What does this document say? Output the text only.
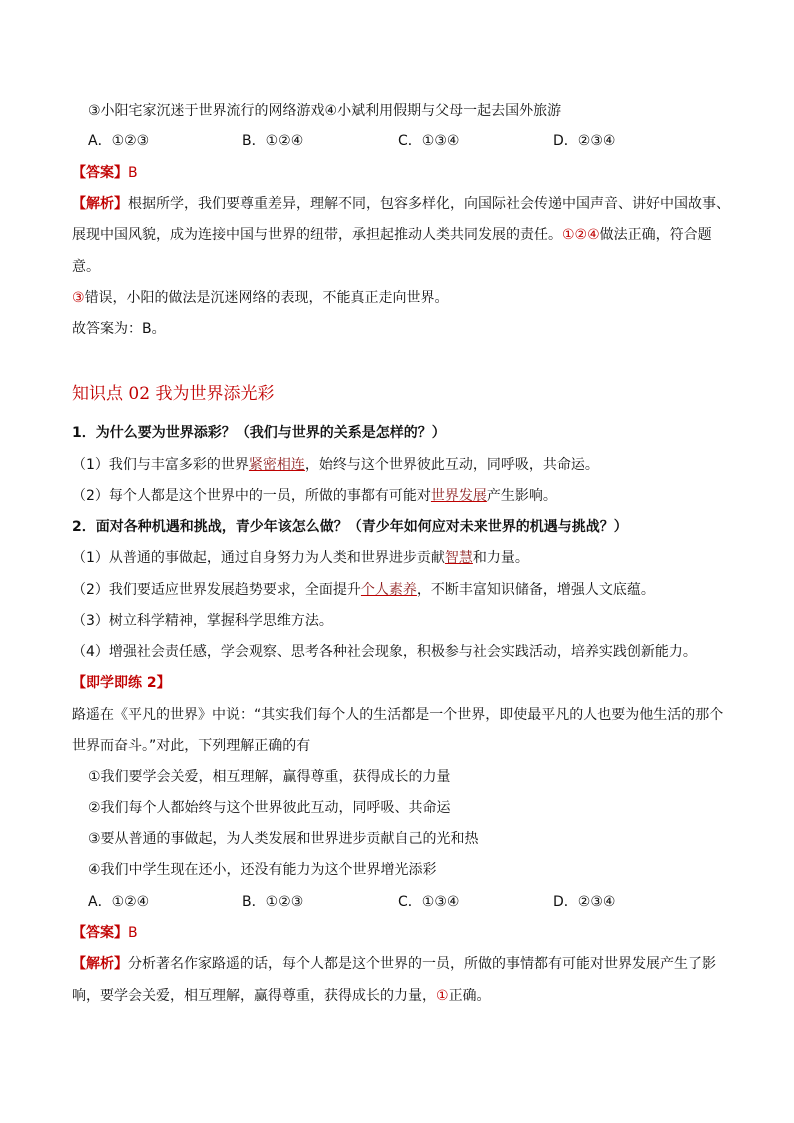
③小阳宅家沉迷于世界流行的网络游戏④小斌利用假期与父母一起去国外旅游
A．①②③	B．①②④	C．①③④	D．②③④
【答案】B
【解析】根据所学，我们要尊重差异，理解不同，包容多样化，向国际社会传递中国声音、讲好中国故事、
展现中国风貌，成为连接中国与世界的纽带，承担起推动人类共同发展的责任。①②④做法正确，符合题
意。
③错误，小阳的做法是沉迷网络的表现，不能真正走向世界。
故答案为：B。
知识点 02 我为世界添光彩
1．为什么要为世界添彩？（我们与世界的关系是怎样的？）
（1）我们与丰富多彩的世界紧密相连，始终与这个世界彼此互动，同呼吸，共命运。
（2）每个人都是这个世界中的一员，所做的事都有可能对世界发展产生影响。
2．面对各种机遇和挑战，青少年该怎么做？（青少年如何应对未来世界的机遇与挑战？）
（1）从普通的事做起，通过自身努力为人类和世界进步贡献智慧和力量。
（2）我们要适应世界发展趋势要求，全面提升个人素养，不断丰富知识储备，增强人文底蕴。
（3）树立科学精神，掌握科学思维方法。
（4）增强社会责任感，学会观察、思考各种社会现象，积极参与社会实践活动，培养实践创新能力。
【即学即练 2】
路遥在《平凡的世界》中说：“其实我们每个人的生活都是一个世界，即使最平凡的人也要为他生活的那个
世界而奋斗。”对此，下列理解正确的有
①我们要学会关爱，相互理解，赢得尊重，获得成长的力量
②我们每个人都始终与这个世界彼此互动，同呼吸、共命运
③要从普通的事做起，为人类发展和世界进步贡献自己的光和热
④我们中学生现在还小，还没有能力为这个世界增光添彩
A．①②④	B．①②③	C．①③④	D．②③④
【答案】B
【解析】分析著名作家路遥的话，每个人都是这个世界的一员，所做的事情都有可能对世界发展产生了影
响，要学会关爱，相互理解，赢得尊重，获得成长的力量，①正确。
